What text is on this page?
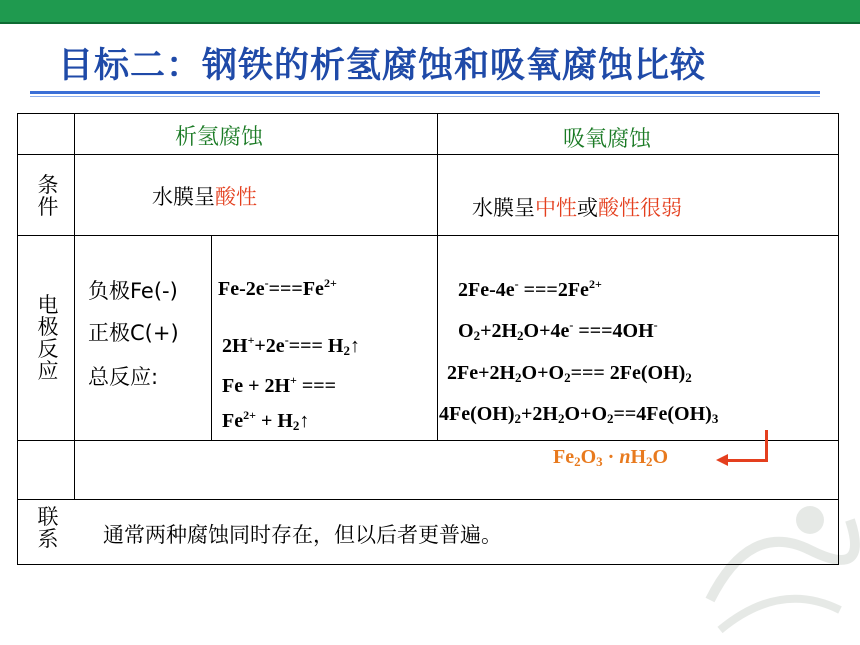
目标二：钢铁的析氢腐蚀和吸氧腐蚀比较
析氢腐蚀	吸氧腐蚀
条
件
电
极
反
应
联
系
水膜呈酸性	水膜呈中性或酸性很弱
负极Fe(-)
正极C(+)
总反应:
$Fe-2e^-===Fe^{2+}$
$2H^++2e^-=== H_2↑$
Fe + 2H+ ===
$Fe^{2+}$ + $H_2↑$
$2Fe-4e^- ===2Fe^{2+}$
$O_2+2H_2O+4e^- ===4OH^-$
$2Fe+2H_2O+O_2=== 2Fe(OH)_2$
$4Fe(OH)_2+2H_2O+O_2==4Fe(OH)_3$
$Fe_2O_3 \cdot nH_2O$
通常两种腐蚀同时存在，但以后者更普遍。
